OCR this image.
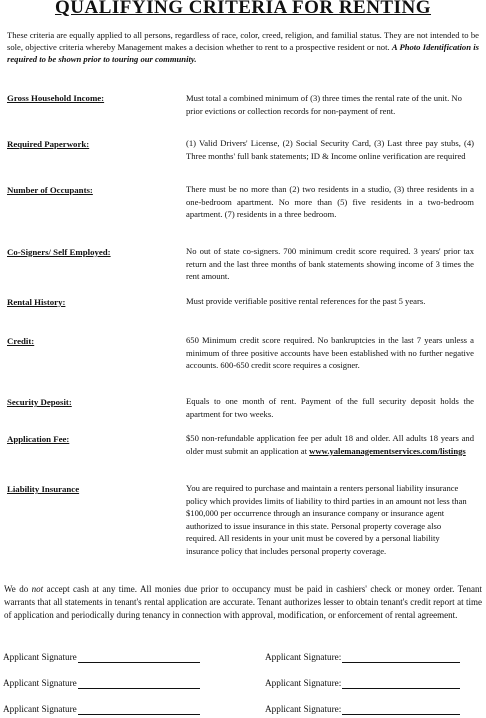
QUALIFYING CRITERIA FOR RENTING
These criteria are equally applied to all persons, regardless of race, color, creed, religion, and familial status. They are not intended to be sole, objective criteria whereby Management makes a decision whether to rent to a prospective resident or not. A Photo Identification is required to be shown prior to touring our community.
Gross Household Income:	Must total a combined minimum of (3) three times the rental rate of the unit. No prior evictions or collection records for non-payment of rent.
Required Paperwork:	(1) Valid Drivers' License, (2) Social Security Card, (3) Last three pay stubs, (4) Three months' full bank statements; ID & Income online verification are required
Number of Occupants:	There must be no more than (2) two residents in a studio, (3) three residents in a one-bedroom apartment. No more than (5) five residents in a two-bedroom apartment. (7) residents in a three bedroom.
Co-Signers/ Self Employed:	No out of state co-signers. 700 minimum credit score required. 3 years' prior tax return and the last three months of bank statements showing income of 3 times the rent amount.
Rental History:	Must provide verifiable positive rental references for the past 5 years.
Credit:	650 Minimum credit score required. No bankruptcies in the last 7 years unless a minimum of three positive accounts have been established with no further negative accounts. 600-650 credit score requires a cosigner.
Security Deposit:	Equals to one month of rent. Payment of the full security deposit holds the apartment for two weeks.
Application Fee:	$50 non-refundable application fee per adult 18 and older. All adults 18 years and older must submit an application at www.yalemanagementservices.com/listings
Liability Insurance	You are required to purchase and maintain a renters personal liability insurance policy which provides limits of liability to third parties in an amount not less than $100,000 per occurrence through an insurance company or insurance agent authorized to issue insurance in this state. Personal property coverage also required. All residents in your unit must be covered by a personal liability insurance policy that includes personal property coverage.
We do not accept cash at any time. All monies due prior to occupancy must be paid in cashiers' check or money order. Tenant warrants that all statements in tenant's rental application are accurate. Tenant authorizes lesser to obtain tenant's credit report at time of application and periodically during tenancy in connection with approval, modification, or enforcement of rental agreement.
Applicant Signature
Applicant Signature
Applicant Signature
Applicant Signature:
Applicant Signature:
Applicant Signature:
